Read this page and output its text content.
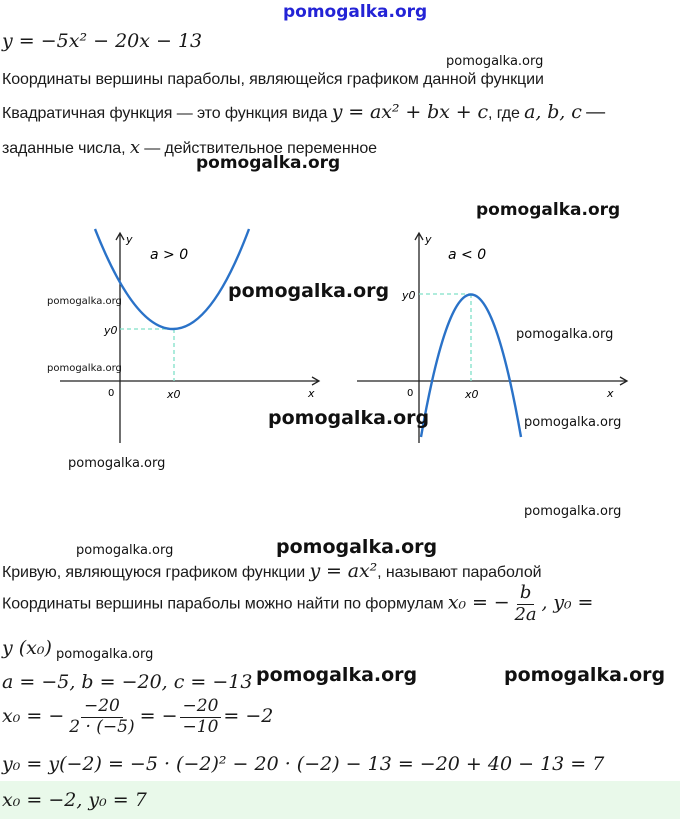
pomogalka.org
y = −5x² − 20x − 13
pomogalka.org
Координаты вершины параболы, являющейся графиком данной функции
Квадратичная функция — это функция вида y = ax² + bx + c, где a, b, c —
заданные числа, x — действительное переменное
pomogalka.org
pomogalka.org
a > 0
y
x
0	x0
y0
a < 0
y
x
0	x0
y0
pomogalka.org
pomogalka.org
pomogalka.org
pomogalka.org
pomogalka.org	pomogalka.org
pomogalka.org
pomogalka.org
pomogalka.org
pomogalka.org
Кривую, являющуюся графиком функции y = ax², называют параболой
Координаты вершины параболы можно найти по формулам x₀ = − $\frac{b}{2a}$ , y₀ =
y (x₀) pomogalka.org
a = −5, b = −20, c = −13 pomogalka.org	pomogalka.org
x₀ = − $\frac{-20}{2 \cdot (-5)}$ = − $\frac{-20}{-10} = -2$
y₀ = y(−2) = −5 · (−2)² − 20 · (−2) − 13 = −20 + 40 − 13 = 7
x₀ = −2, y₀ = 7
